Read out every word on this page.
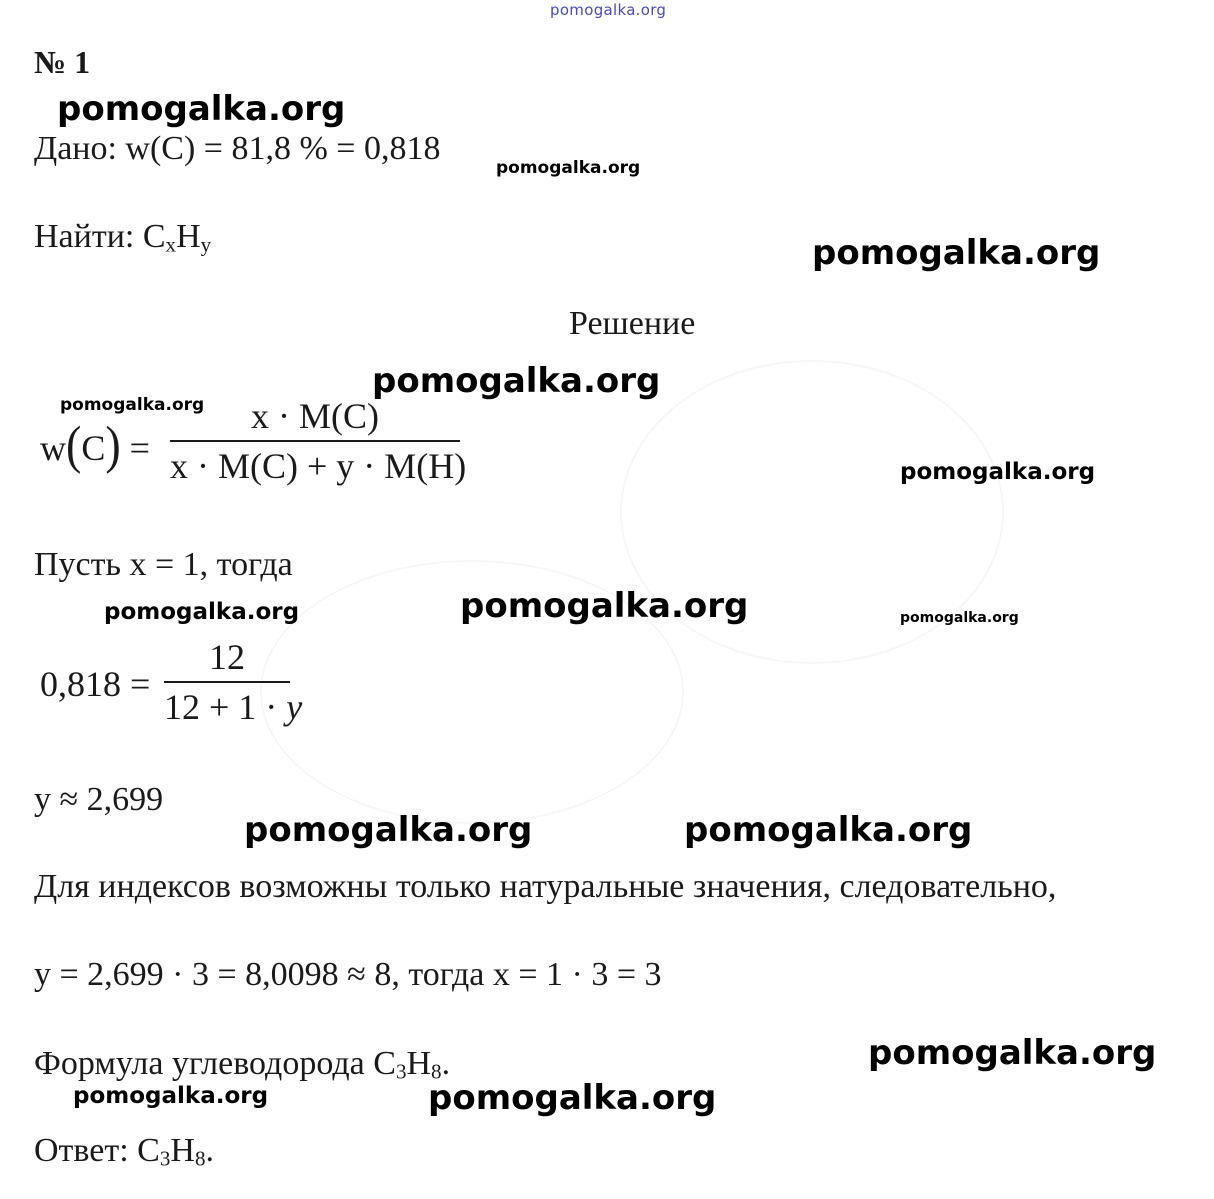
pomogalka.org
№ 1
pomogalka.org
pomogalka.org
pomogalka.org
pomogalka.org
pomogalka.org
pomogalka.org
pomogalka.org	pomogalka.org	pomogalka.org
pomogalka.org	pomogalka.org
pomogalka.org
pomogalka.org	pomogalka.org
Дано: w(C) = 81,8 % = 0,818
Найти: $C_xH_y$
Решение
w(C) =
x · M(C)
x · M(C) + y · M(H)
Пусть x = 1, тогда
0,818 =
12
12 + 1 · y
y ≈ 2,699
Для индексов возможны только натуральные значения, следовательно,
y = 2,699 · 3 = 8,0098 ≈ 8, тогда x = 1 · 3 = 3
Формула углеводорода $C_3H_8$.
Ответ: $C_3H_8$.
